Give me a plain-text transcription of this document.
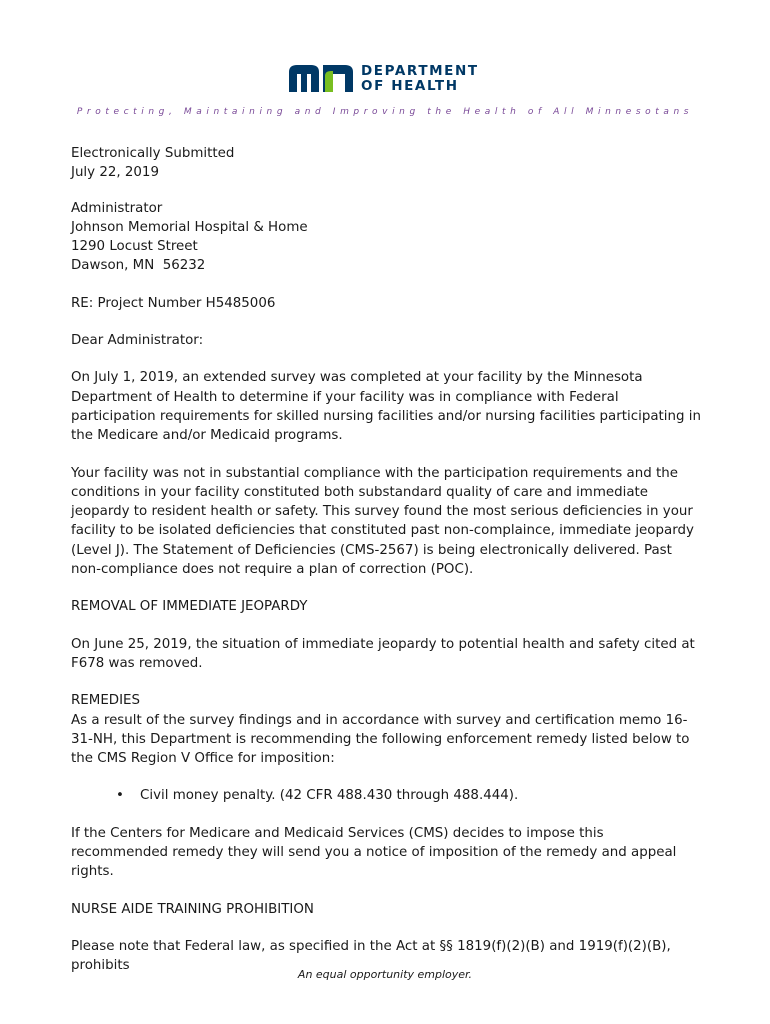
DEPARTMENT
OF HEALTH
Protecting, Maintaining and Improving the Health of All Minnesotans

Electronically Submitted

July 22, 2019

Administrator

Johnson Memorial Hospital & Home

1290 Locust Street

Dawson, MN  56232

RE: Project Number H5485006

Dear Administrator:

On July 1, 2019, an extended survey was completed at your facility by the Minnesota Department of Health to determine if your facility was in compliance with Federal participation requirements for skilled nursing facilities and/or nursing facilities participating in the Medicare and/or Medicaid programs.

Your facility was not in substantial compliance with the participation requirements and the conditions in your facility constituted both substandard quality of care and immediate jeopardy to resident health or safety. This survey found the most serious deficiencies in your facility to be isolated deficiencies that constituted past non-complaince, immediate jeopardy (Level J). The Statement of Deficiencies (CMS-2567) is being electronically delivered. Past non-compliance does not require a plan of correction (POC).

REMOVAL OF IMMEDIATE JEOPARDY

On June 25, 2019, the situation of immediate jeopardy to potential health and safety cited at F678 was removed.

REMEDIES

As a result of the survey findings and in accordance with survey and certification memo 16-31-NH, this Department is recommending the following enforcement remedy listed below to the CMS Region V Office for imposition:

• Civil money penalty. (42 CFR 488.430 through 488.444).

If the Centers for Medicare and Medicaid Services (CMS) decides to impose this recommended remedy they will send you a notice of imposition of the remedy and appeal rights.

NURSE AIDE TRAINING PROHIBITION

Please note that Federal law, as specified in the Act at §§ 1819(f)(2)(B) and 1919(f)(2)(B), prohibits

An equal opportunity employer.
